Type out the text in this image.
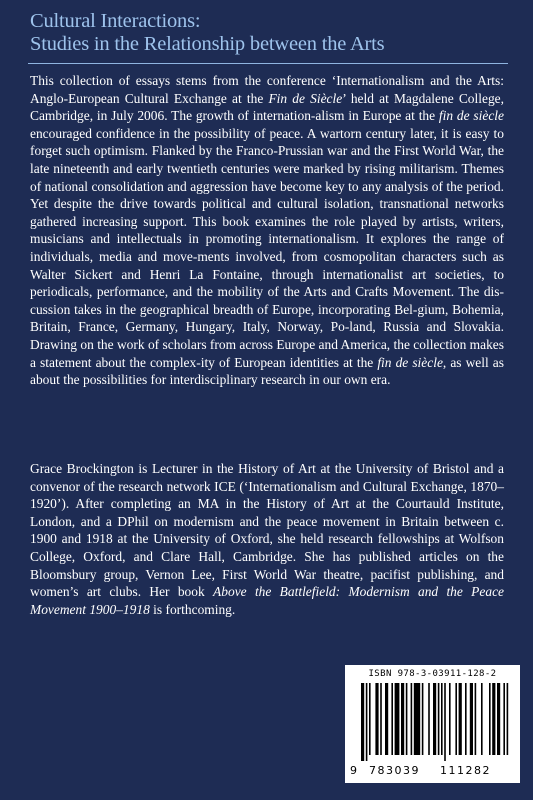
Cultural Interactions:
Studies in the Relationship between the Arts

This collection of essays stems from the conference ‘Internationalism and the Arts: Anglo-European Cultural Exchange at the Fin de Siècle’ held at Magdalene College, Cambridge, in July 2006. The growth of internation-alism in Europe at the fin de siècle encouraged confidence in the possibility of peace. A wartorn century later, it is easy to forget such optimism. Flanked by the Franco-Prussian war and the First World War, the late nineteenth and early twentieth centuries were marked by rising militarism. Themes of national consolidation and aggression have become key to any analysis of the period. Yet despite the drive towards political and cultural isolation, transnational networks gathered increasing support. This book examines the role played by artists, writers, musicians and intellectuals in promoting internationalism. It explores the range of individuals, media and move-ments involved, from cosmopolitan characters such as Walter Sickert and Henri La Fontaine, through internationalist art societies, to periodicals, performance, and the mobility of the Arts and Crafts Movement. The dis-cussion takes in the geographical breadth of Europe, incorporating Bel-gium, Bohemia, Britain, France, Germany, Hungary, Italy, Norway, Po-land, Russia and Slovakia. Drawing on the work of scholars from across Europe and America, the collection makes a statement about the complex-ity of European identities at the fin de siècle, as well as about the possibilities for interdisciplinary research in our own era.

Grace Brockington is Lecturer in the History of Art at the University of Bristol and a convenor of the research network ICE (‘Internationalism and Cultural Exchange, 1870–1920’). After completing an MA in the History of Art at the Courtauld Institute, London, and a DPhil on modernism and the peace movement in Britain between c. 1900 and 1918 at the University of Oxford, she held research fellowships at Wolfson College, Oxford, and Clare Hall, Cambridge. She has published articles on the Bloomsbury group, Vernon Lee, First World War theatre, pacifist publishing, and women’s art clubs. Her book Above the Battlefield: Modernism and the Peace Movement 1900–1918 is forthcoming.

ISBN 978-3-03911-128-2
9 783039 111282
